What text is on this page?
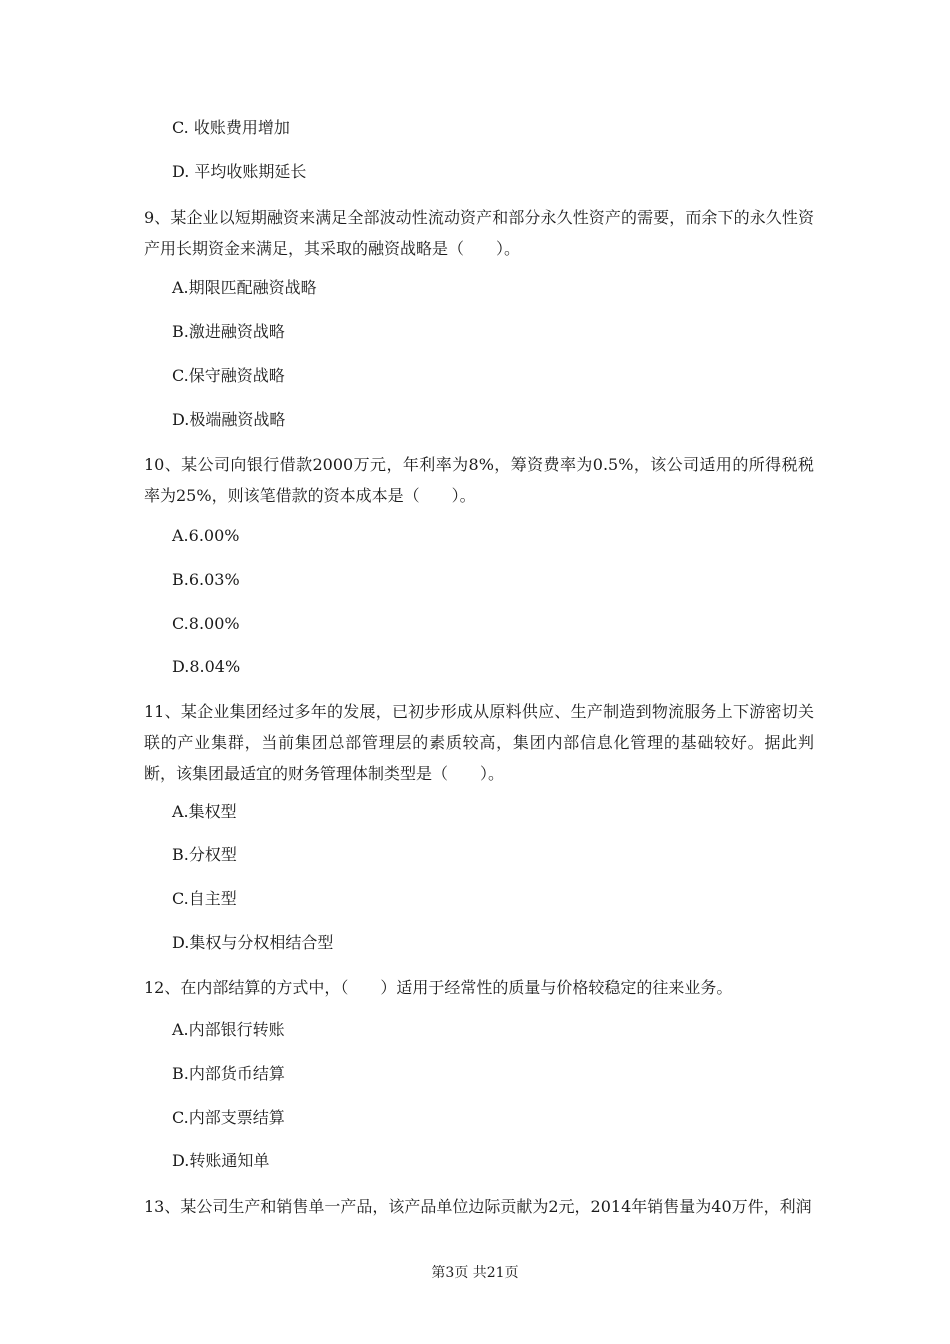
C. 收账费用增加
D. 平均收账期延长
9、某企业以短期融资来满足全部波动性流动资产和部分永久性资产的需要，而余下的永久性资产用长期资金来满足，其采取的融资战略是（　　）。
A.期限匹配融资战略
B.激进融资战略
C.保守融资战略
D.极端融资战略
10、某公司向银行借款2000万元，年利率为8%，筹资费率为0.5%，该公司适用的所得税税率为25%，则该笔借款的资本成本是（　　）。
A.6.00%
B.6.03%
C.8.00%
D.8.04%
11、某企业集团经过多年的发展，已初步形成从原料供应、生产制造到物流服务上下游密切关联的产业集群，当前集团总部管理层的素质较高，集团内部信息化管理的基础较好。据此判断，该集团最适宜的财务管理体制类型是（　　）。
A.集权型
B.分权型
C.自主型
D.集权与分权相结合型
12、在内部结算的方式中，（　　）适用于经常性的质量与价格较稳定的往来业务。
A.内部银行转账
B.内部货币结算
C.内部支票结算
D.转账通知单
13、某公司生产和销售单一产品，该产品单位边际贡献为2元，2014年销售量为40万件，利润
第3页 共21页
